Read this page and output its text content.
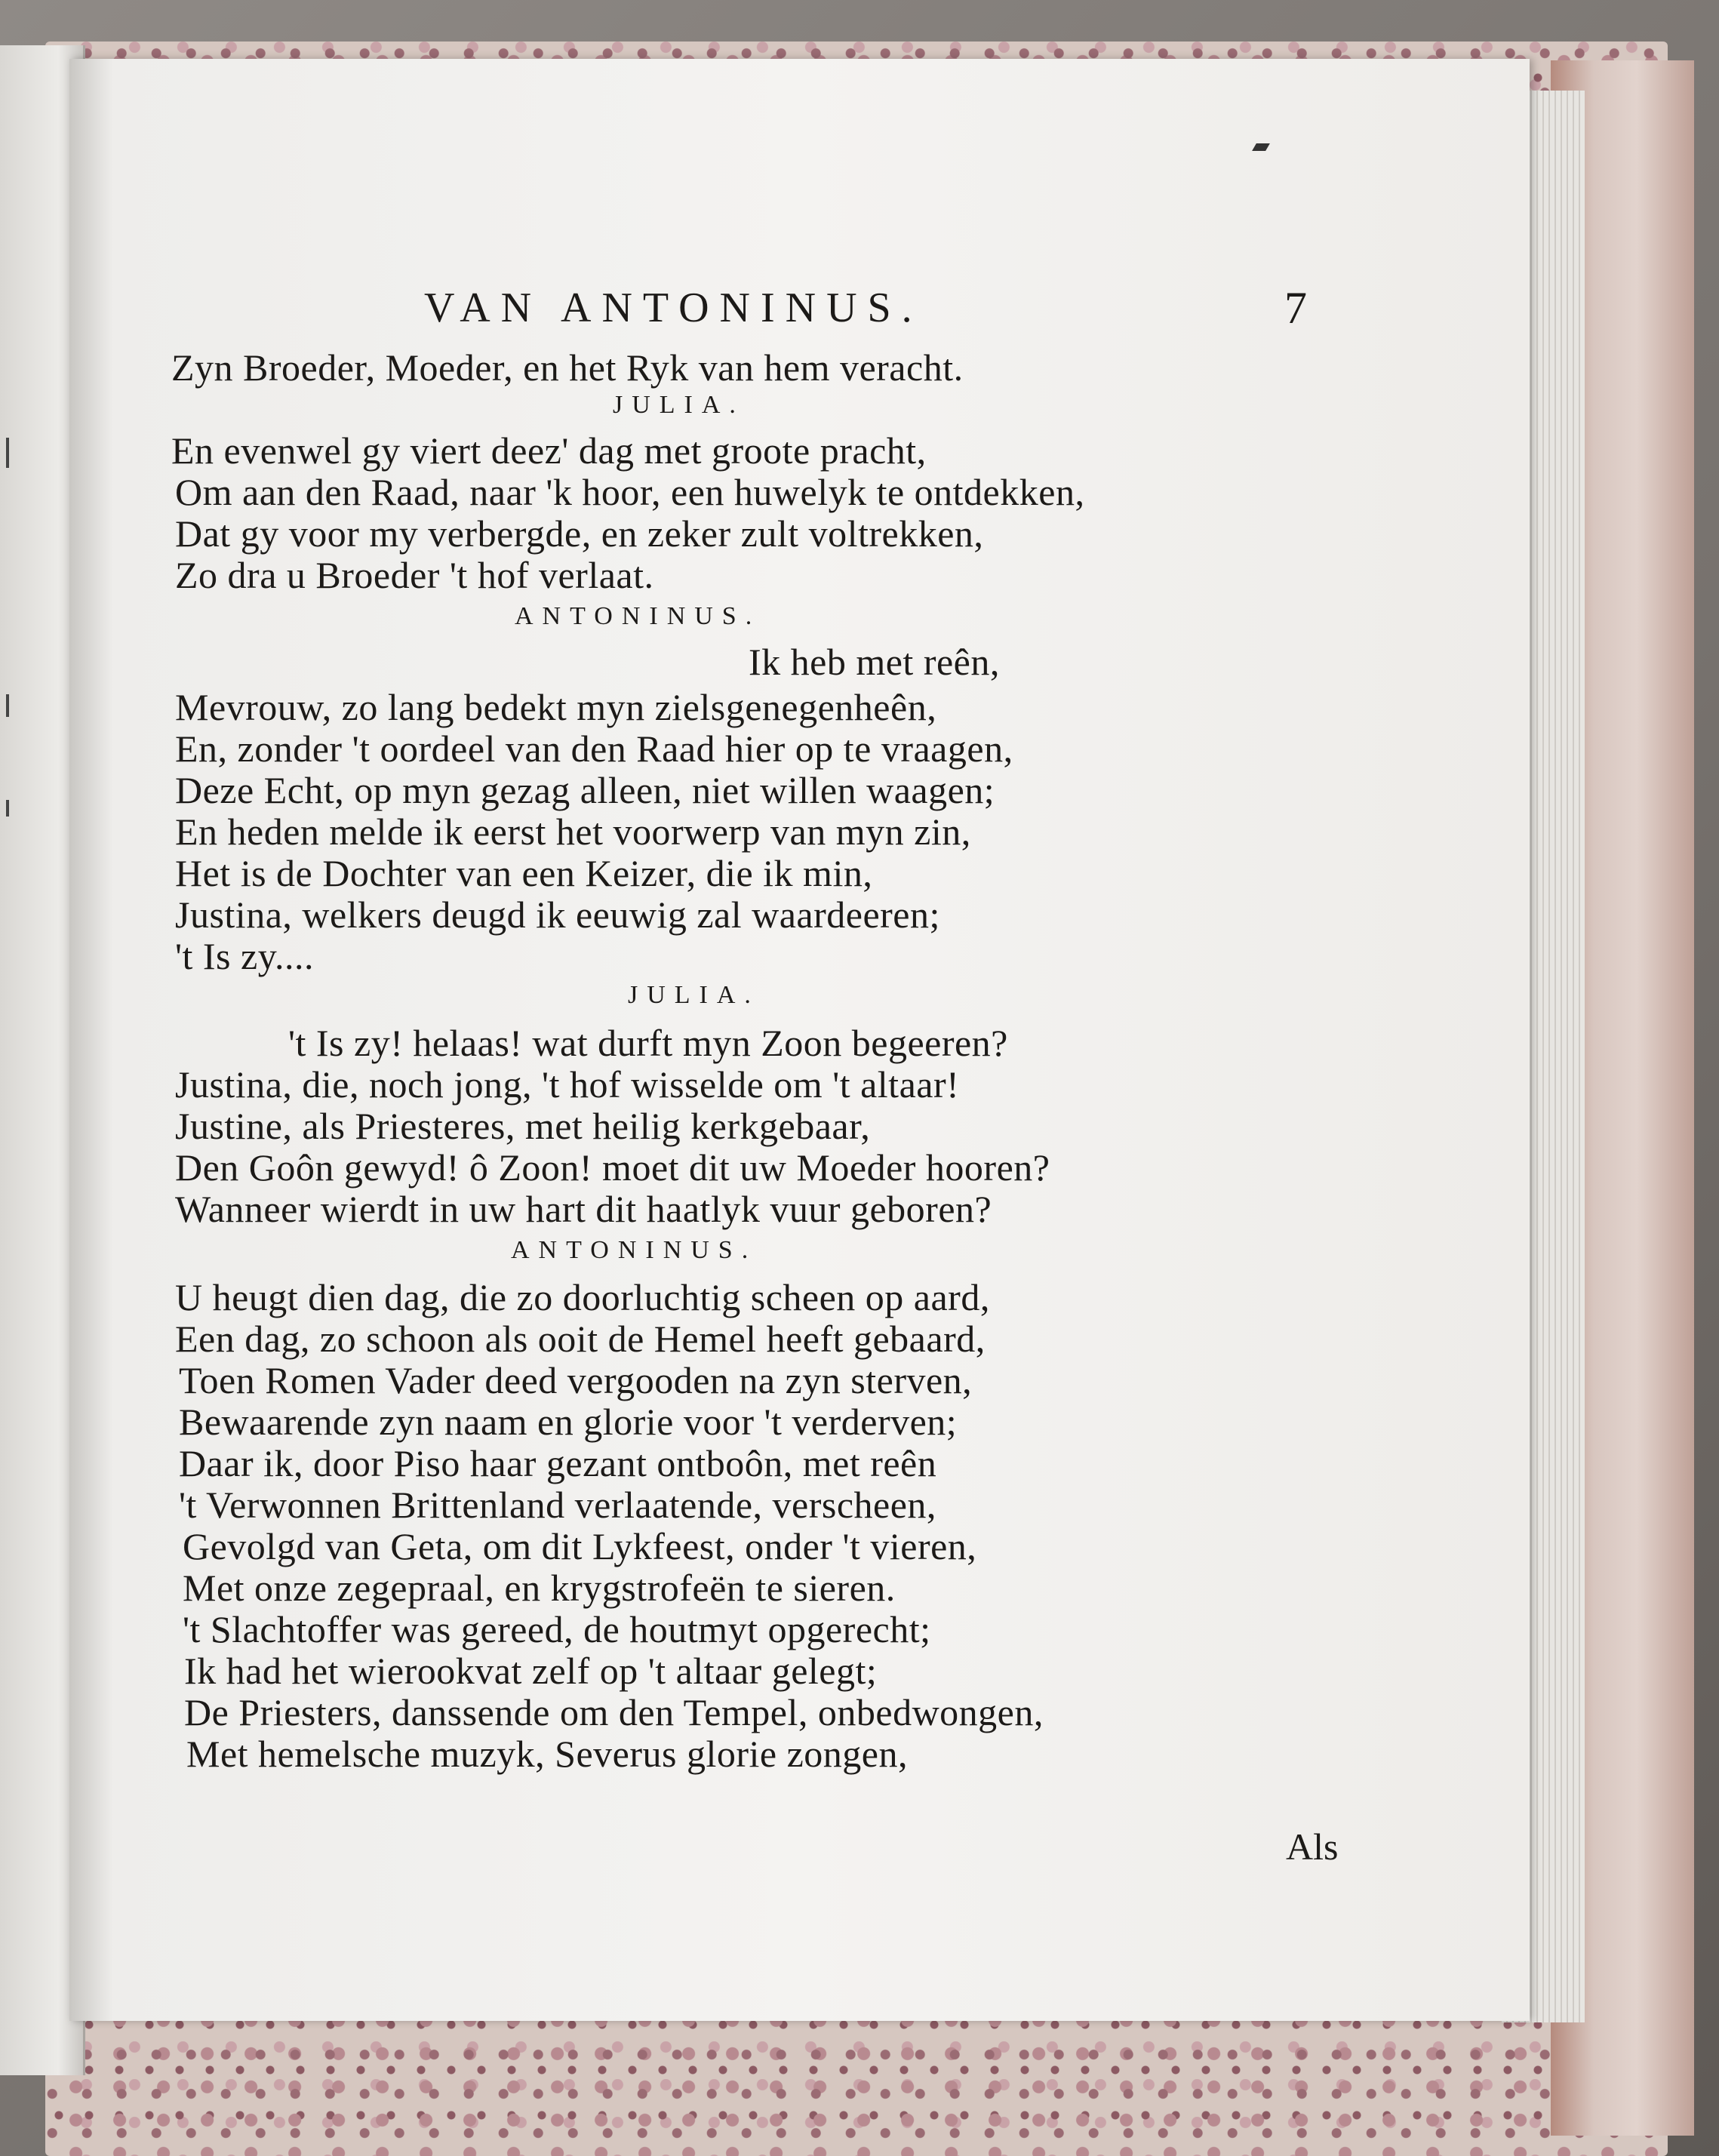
VAN ANTONINUS.	7
Zyn Broeder, Moeder, en het Ryk van hem veracht.
JULIA.
En evenwel gy viert deez' dag met groote pracht,
Om aan den Raad, naar 'k hoor, een huwelyk te ontdekken,
Dat gy voor my verbergde, en zeker zult voltrekken,
Zo dra u Broeder 't hof verlaat.
ANTONINUS.
Ik heb met reên,
Mevrouw, zo lang bedekt myn zielsgenegenheên,
En, zonder 't oordeel van den Raad hier op te vraagen,
Deze Echt, op myn gezag alleen, niet willen waagen;
En heden melde ik eerst het voorwerp van myn zin,
Het is de Dochter van een Keizer, die ik min,
Justina, welkers deugd ik eeuwig zal waardeeren;
't Is zy....
JULIA.
't Is zy! helaas! wat durft myn Zoon begeeren?
Justina, die, noch jong, 't hof wisselde om 't altaar!
Justine, als Priesteres, met heilig kerkgebaar,
Den Goôn gewyd! ô Zoon! moet dit uw Moeder hooren?
Wanneer wierdt in uw hart dit haatlyk vuur geboren?
ANTONINUS.
U heugt dien dag, die zo doorluchtig scheen op aard,
Een dag, zo schoon als ooit de Hemel heeft gebaard,
Toen Romen Vader deed vergooden na zyn sterven,
Bewaarende zyn naam en glorie voor 't verderven;
Daar ik, door Piso haar gezant ontboôn, met reên
't Verwonnen Brittenland verlaatende, verscheen,
Gevolgd van Geta, om dit Lykfeest, onder 't vieren,
Met onze zegepraal, en krygstrofeën te sieren.
't Slachtoffer was gereed, de houtmyt opgerecht;
Ik had het wierookvat zelf op 't altaar gelegt;
De Priesters, danssende om den Tempel, onbedwongen,
Met hemelsche muzyk, Severus glorie zongen,
Als
